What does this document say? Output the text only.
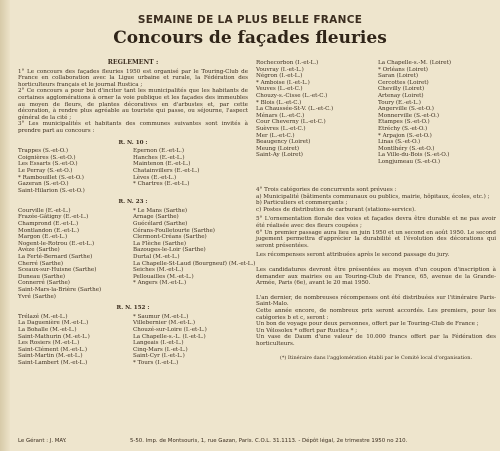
SEMAINE DE LA PLUS BELLE FRANCE
Concours de façades fleuries
REGLEMENT :
1° Le concours des façades fleuries 1950 est organisé par le Touring-Club de France en collaboration avec la Ligue urbaine et rurale, la Fédération des horticulteurs français et le journal Rustica ;
2° Ce concours a pour but d'inciter tant les municipalités que les habitants de certaines agglomérations à orner la voie publique et les façades des immeubles au moyen de fleurs, de plantes décoratives en d'arbustes et, par cette décoration, à rendre plus agréable au touriste qui passe, ou séjourne, l'aspect général de la cité ;
3° Les municipalités et habitants des communes suivantes sont invités à prendre part au concours :
R. N. 10 :
Trappes (S.-et-O.)
Coignières (S.-et-O.)
Les Essarts (S.-et-O.)
Le Perray (S.-et-O.)
* Rambouillet (S.-et-O.)
Gazeran (S.-et-O.)
Saint-Hilarion (S.-et-O.)
Epernon (E.-et-L.)
Hanches (E.-et-L.)
Maintenon (E.-et-L.)
Chatainvillers (E.-et-L.)
Lèves (E.-et-L.)
* Chartres (E.-et-L.)
R. N. 23 :
Courville (E.-et-L.)
Frazée-Gâtigny (E.-et-L.)
Champrond (E.-et-L.)
Montlandon (E.-et-L.)
Margon (E.-et-L.)
Nogent-le-Rotrou (E.-et-L.)
Avèze (Sarthe)
La Ferté-Bernard (Sarthe)
Cherré (Sarthe)
Sceaux-sur-Huisne (Sarthe)
Duneau (Sarthe)
Connerré (Sarthe)
Saint-Mars-la-Brière (Sarthe)
Yvré (Sarthe)
* Le Mans (Sarthe)
Arnage (Sarthe)
Guécélard (Sarthe)
Cérans-Foulletourte (Sarthe)
Clermont-Créans (Sarthe)
La Flèche (Sarthe)
Bazouges-le-Loir (Sarthe)
Durtal (M.-et-L.)
La Chapelle-St-Laud (Bourgneuf) (M.-et-L.)
Seiches (M.-et-L.)
Pellouailles (M.-et-L.)
* Angers (M.-et-L.)
R. N. 152 :
Trélazé (M.-et-L.)
La Daguenière (M.-et-L.)
La Bohalle (M.-et-L.)
Saint-Mathurin (M.-et-L.)
Les Rosiers (M.-et-L.)
Saint-Clément (M.-et-L.)
Saint-Martin (M.-et-L.)
Saint-Lambert (M.-et-L.)
* Saumur (M.-et-L.)
Villebernier (M.-et-L.)
Chouzé-sur-Loire (I.-et-L.)
La Chapelle-s.-L. (I.-et-L.)
Langeais (I.-et-L.)
Cinq-Mars (I.-et-L.)
Saint-Cyr (I.-et-L.)
* Tours (I.-et-L.)
Rochecorbon (I.-et-L.)
Vouvray (I.-et-L.)
Négron (I.-et-L.)
* Amboise (I.-et-L.)
Veuves (L.-et-C.)
Chouzy-s.-Cisse (L.-et-C.)
* Blois (L.-et-C.)
La Chaussée-St-V. (L.-et-C.)
Ménars (L.-et-C.)
Cour Cheverny (L.-et-C.)
Suèvres (L.-et-C.)
Mer (L.-et-C.)
Beaugency (Loiret)
Meung (Loiret)
Saint-Ay (Loiret)
La Chapelle-s.-M. (Loiret)
* Orléans (Loiret)
Saran (Loiret)
Cercottes (Loiret)
Chevilly (Loiret)
Artenay (Loiret)
Toury (E.-et-L.)
Angerville (S.-et-O.)
Monnerville (S.-et-O.)
Etampes (S.-et-O.)
Etréchy (S.-et-O.)
* Arpajon (S.-et-O.)
Linas (S.-et-O.)
Montlhéry (S.-et-O.)
La Ville-du-Bois (S.-et-O.)
Longjumeau (S.-et-O.)
4° Trois catégories de concurrents sont prévues :
a) Municipalité (bâtiments communaux ou publics, mairie, hôpitaux, écoles, etc.) ;
b) Particuliers et commerçants ;
c) Postes de distribution de carburant (stations-service).
5° L'ornementation florale des voies et façades devra être durable et ne pas avoir été réalisée avec des fleurs coupées ;
6° Un premier passage aura lieu en juin 1950 et un second en août 1950. Le second jugement permettra d'apprécier la durabilité et l'évolution des décorations qui seront présentées.
Les récompenses seront attribuées après le second passage du jury.
Les candidatures devront être présentées au moyen d'un coupon d'inscription à demander aux mairies ou au Touring-Club de France, 65, avenue de la Grande-Armée, Paris (6e), avant le 20 mai 1950.
L'an dernier, de nombreuses récompenses ont été distribuées sur l'itinéraire Paris-Saint-Malo.
Cette année encore, de nombreux prix seront accordés. Les premiers, pour les catégories b et c, seront :
Un bon de voyage pour deux personnes, offert par le Touring-Club de France ;
Un Vélosolex * offert par Rustica * ;
Un vase de Daum d'une valeur de 10.000 francs offert par la Fédération des horticulteurs.
(*) Itinéraire dans l'agglomération établi par le Comité local d'organisation.
Le Gérant : J. MAY.	5-50. Imp. de Montsouris, 1, rue Gazan, Paris. C.O.L. 31.1113. - Dépôt légal, 2e trimestre 1950 no 210.
